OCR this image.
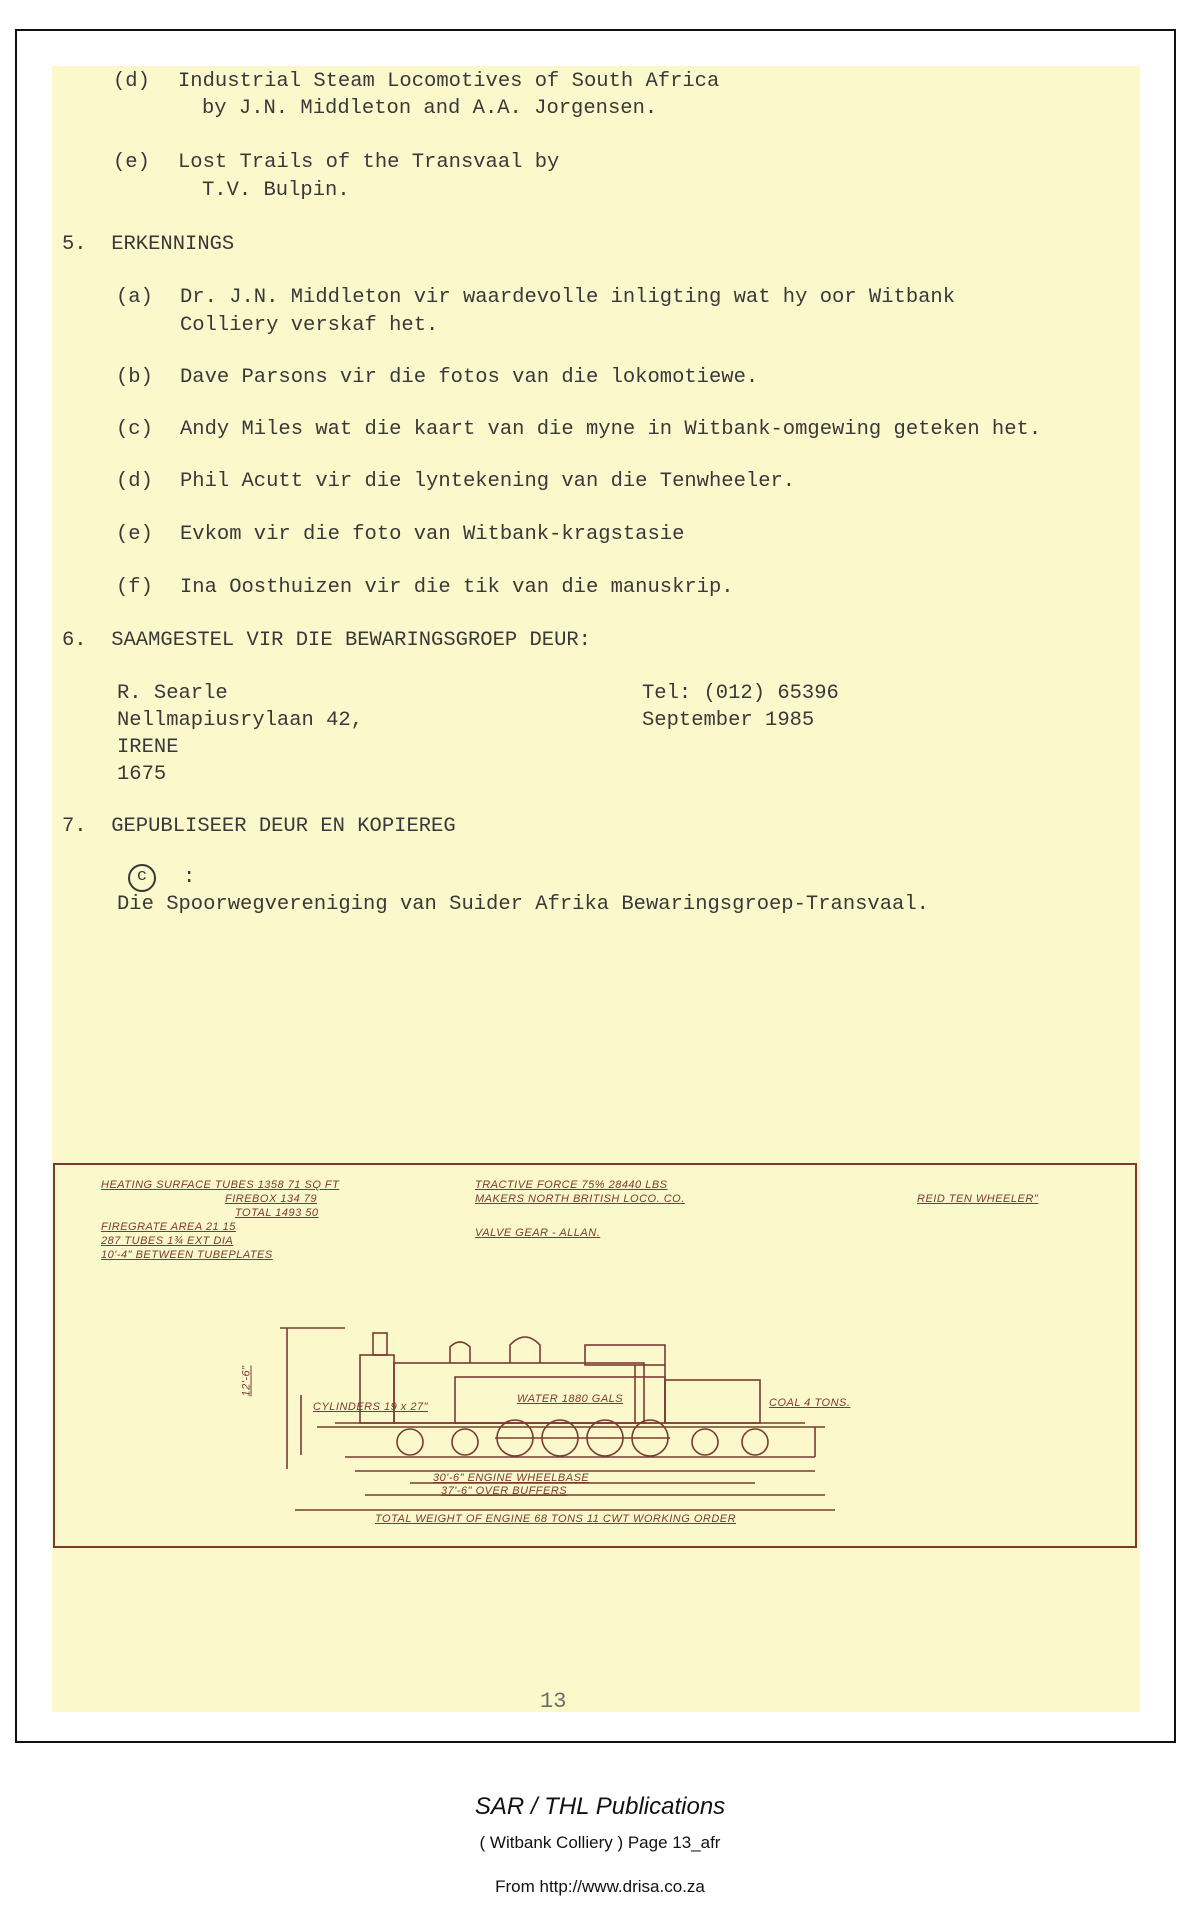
(d) Industrial Steam Locomotives of South Africa
by J.N. Middleton and A.A. Jorgensen.
(e) Lost Trails of the Transvaal by
T.V. Bulpin.
5.  ERKENNINGS
(a) Dr. J.N. Middleton vir waardevolle inligting wat hy oor Witbank
Colliery verskaf het.
(b) Dave Parsons vir die fotos van die lokomotiewe.
(c) Andy Miles wat die kaart van die myne in Witbank-omgewing geteken het.
(d) Phil Acutt vir die lyntekening van die Tenwheeler.
(e) Evkom vir die foto van Witbank-kragstasie
(f) Ina Oosthuizen vir die tik van die manuskrip.
6.  SAAMGESTEL VIR DIE BEWARINGSGROEP DEUR:
R. Searle
Nellmapiusrylaan 42,
IRENE
1675
Tel: (012) 65396
September 1985
7.  GEPUBLISEER DEUR EN KOPIEREG
c	:
Die Spoorwegvereniging van Suider Afrika Bewaringsgroep-Transvaal.
HEATING SURFACE TUBES 1358 71 SQ FT
FIREBOX 134 79
TOTAL 1493 50
FIREGRATE AREA 21 15
287 TUBES 1¾ EXT DIA
10'-4" BETWEEN TUBEPLATES
TRACTIVE FORCE 75% 28440 LBS
MAKERS NORTH BRITISH LOCO. CO.
VALVE GEAR - ALLAN.
REID TEN WHEELER"
CYLINDERS 19 x 27"
WATER 1880 GALS	COAL 4 TONS.
12'-6"
30'-6" ENGINE WHEELBASE
37'-6" OVER BUFFERS
TOTAL WEIGHT OF ENGINE 68 TONS 11 CWT WORKING ORDER
13
SAR / THL Publications
( Witbank Colliery ) Page 13_afr
From http://www.drisa.co.za
